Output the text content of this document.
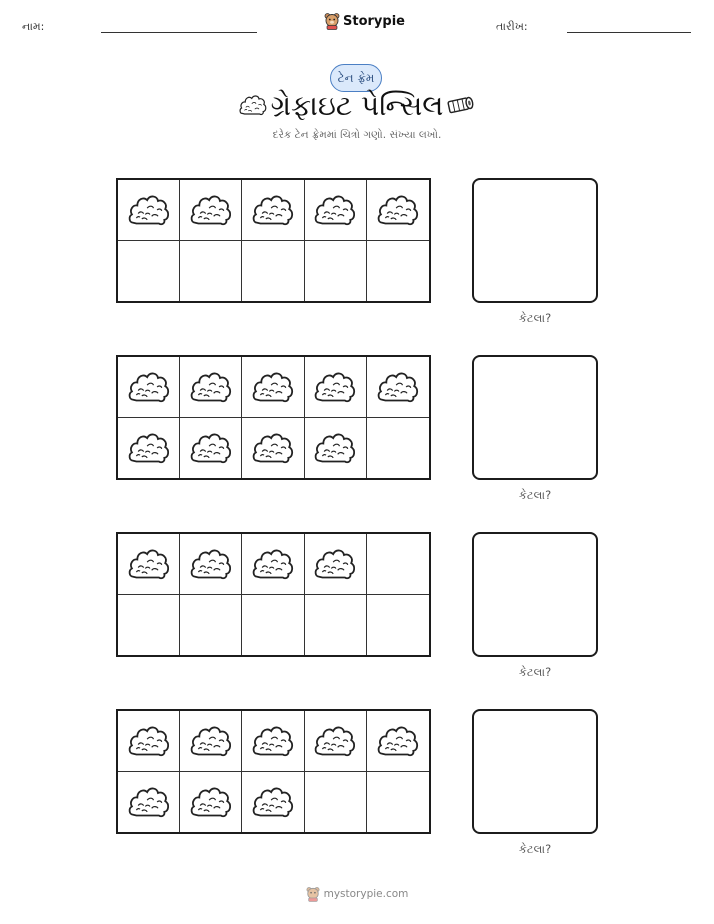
નામ:	Storypie	તારીખ:
ટેન ફ્રેમ
ગ્રેફાઇટ પેન્સિલ
દરેક ટેન ફ્રેમમાં ચિત્રો ગણો. સંખ્યા લખો.
કેટલા?
કેટલા?
કેટલા?
કેટલા?
mystorypie.com
